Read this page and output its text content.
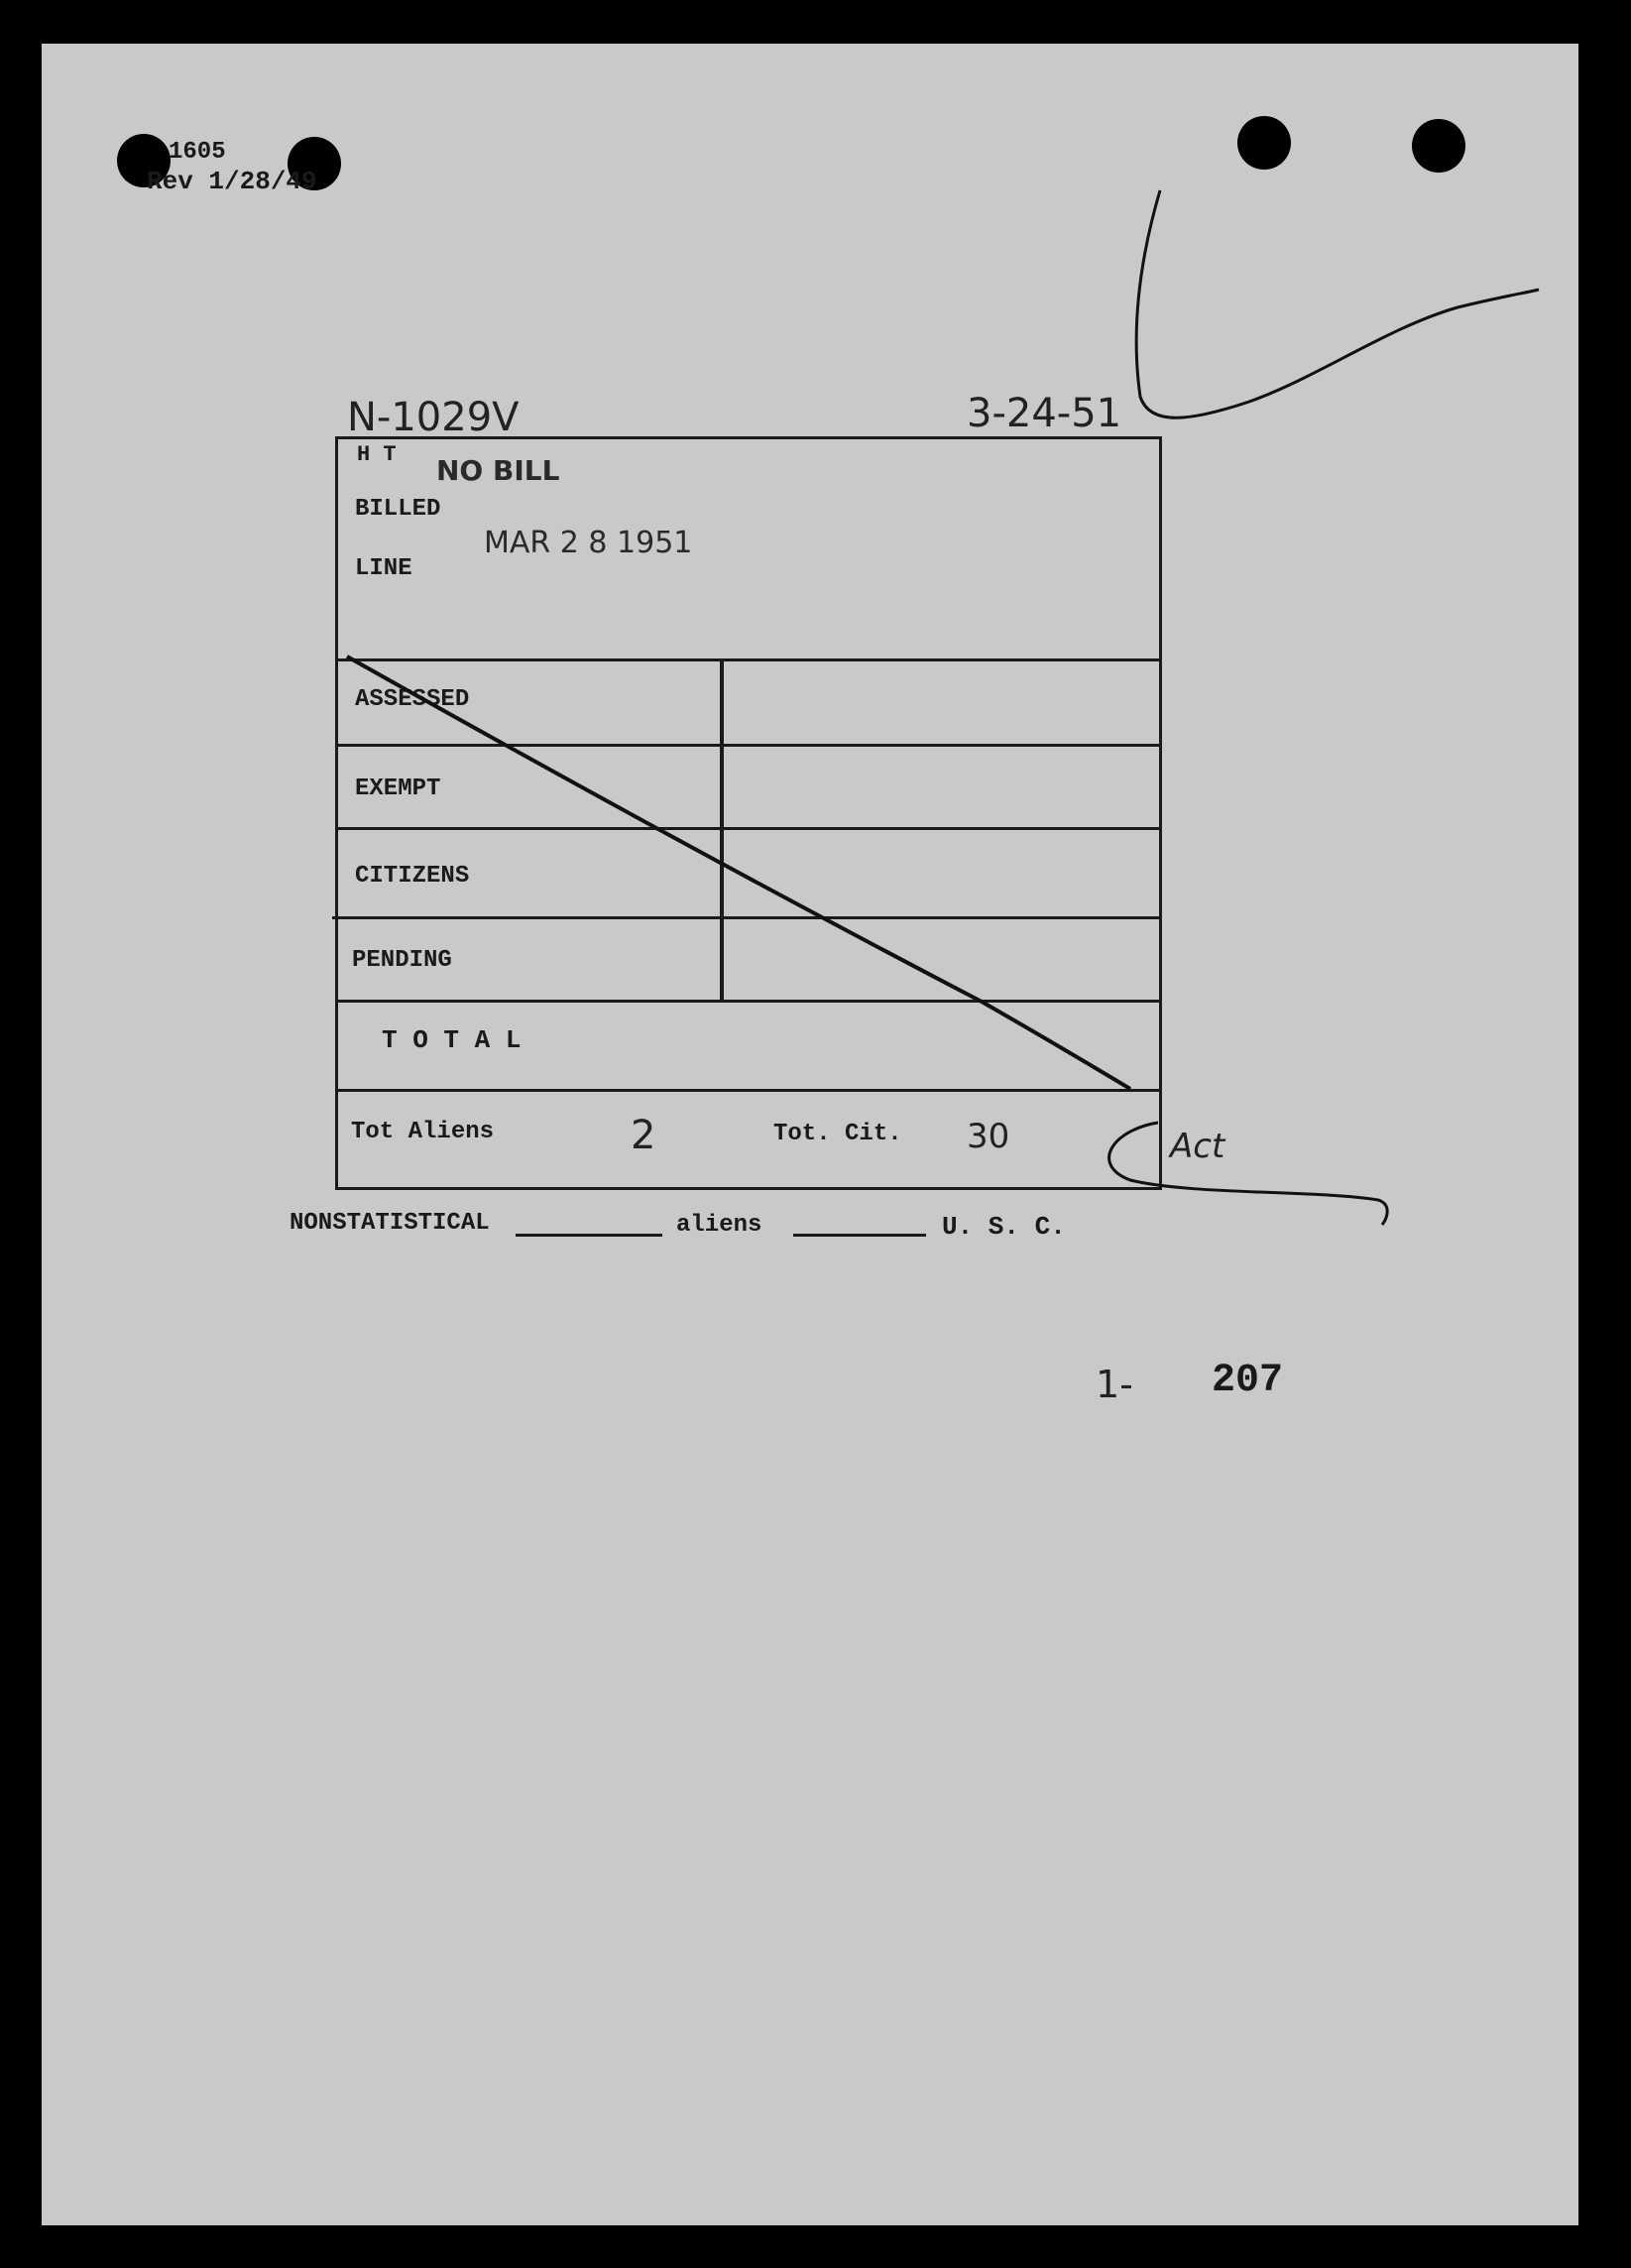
1605
Rev 1/28/49
N-1029V	3-24-51
H T NO BILL
BILLED
MAR 2 8 1951
LINE
ASSESSED
EXEMPT
CITIZENS
PENDING
T O T A L
Tot Aliens	2	Tot. Cit. 30	Act
NONSTATISTICAL	aliens	U. S. C.
1- 207
